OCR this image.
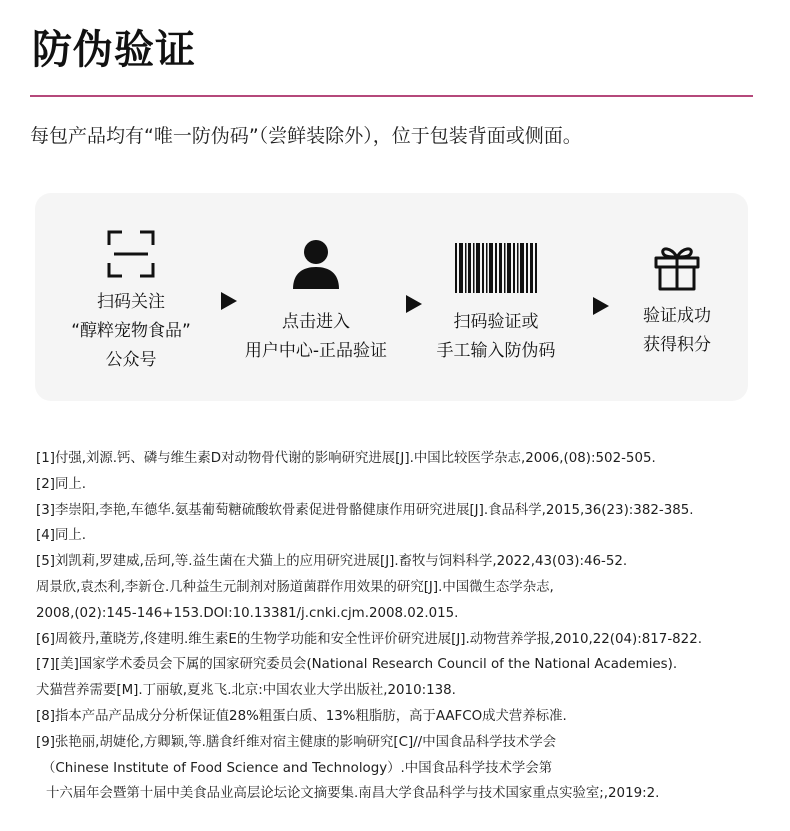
防伪验证
每包产品均有“唯一防伪码”（尝鲜装除外），位于包装背面或侧面。
扫码关注
“醇粹宠物食品”
公众号
点击进入
用户中心-正品验证
扫码验证或
手工输入防伪码
验证成功
获得积分
[1]付强,刘源.钙、磷与维生素D对动物骨代谢的影响研究进展[J].中国比较医学杂志,2006,(08):502-505.
[2]同上.
[3]李崇阳,李艳,车德华.氨基葡萄糖硫酸软骨素促进骨骼健康作用研究进展[J].食品科学,2015,36(23):382-385.
[4]同上.
[5]刘凯莉,罗建威,岳珂,等.益生菌在犬猫上的应用研究进展[J].畜牧与饲料科学,2022,43(03):46-52.
周景欣,袁杰利,李新仓.几种益生元制剂对肠道菌群作用效果的研究[J].中国微生态学杂志,
2008,(02):145-146+153.DOI:10.13381/j.cnki.cjm.2008.02.015.
[6]周筱丹,董晓芳,佟建明.维生素E的生物学功能和安全性评价研究进展[J].动物营养学报,2010,22(04):817-822.
[7][美]国家学术委员会下属的国家研究委员会(National Research Council of the National Academies).
犬猫营养需要[M].丁丽敏,夏兆飞.北京:中国农业大学出版社,2010:138.
[8]指本产品产品成分分析保证值28%粗蛋白质、13%粗脂肪，高于AAFCO成犬营养标准.
[9]张艳丽,胡婕伦,方卿颖,等.膳食纤维对宿主健康的影响研究[C]//中国食品科学技术学会
（Chinese Institute of Food Science and Technology）.中国食品科学技术学会第
十六届年会暨第十届中美食品业高层论坛论文摘要集.南昌大学食品科学与技术国家重点实验室;,2019:2.
